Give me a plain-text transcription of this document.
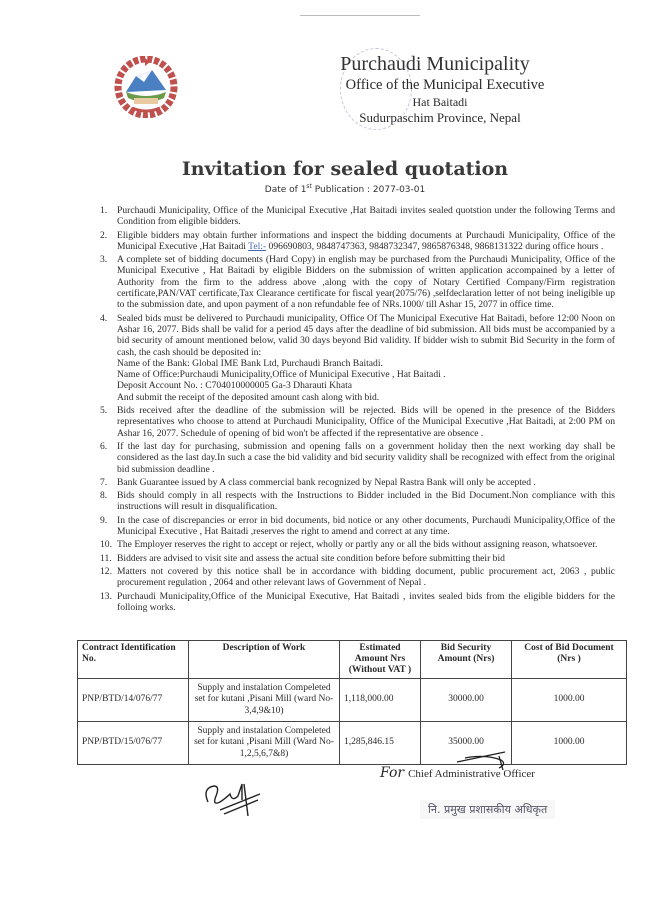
Purchaudi Municipality
Office of the Municipal Executive
Hat Baitadi
Sudurpaschim Province, Nepal
Invitation for sealed quotation
Date of 1st Publication : 2077-03-01
1.	Purchaudi Municipality, Office of the Municipal Executive ,Hat Baitadi invites sealed quotstion under the following Terms and Condition from eligible bidders.
2.	Eligible bidders may obtain further informations and inspect the bidding documents at Purchaudi Municipality, Office of the Municipal Executive ,Hat Baitadi Tel:- 096690803, 9848747363, 9848732347, 9865876348, 9868131322 during office hours .
3.	A complete set of bidding documents (Hard Copy) in english may be purchased from the Purchaudi Municipality, Office of the Municipal Executive , Hat Baitadi by eligible Bidders on the submission of written application accompained by a letter of Authority from the firm to the address above ,along with the copy of Notary Certified Company/Firm registration certificate,PAN/VAT certificate,Tax Clearance certificate for fiscal year(2075/76) ,selfdeclaration letter of not being ineligible up to the submission date, and upon payment of a non refundable fee of NRs.1000/ till Ashar 15, 2077 in office time.
4.	Sealed bids must be delivered to Purchaudi municipality, Office Of The Municipal Executive Hat Baitadi, before 12:00 Noon on Ashar 16, 2077. Bids shall be valid for a period 45 days after the deadline of bid submission. All bids must be accompanied by a bid security of amount mentioned below, valid 30 days beyond Bid validity. If bidder wish to submit Bid Security in the form of cash, the cash should be deposited in:
Name of the Bank: Global IME Bank Ltd, Purchaudi Branch Baitadi.
Name of Office:Purchaudi Municipality,Office of Municipal Executive , Hat Baitadi .
Deposit Account No. : C704010000005 Ga-3 Dharauti Khata
And submit the receipt of the deposited amount cash along with bid.
5.	Bids received after the deadline of the submission will be rejected. Bids will be opened in the presence of the Bidders representatives who choose to attend at Purchaudi Municipality, Office of the Municipal Executive ,Hat Baitadi, at 2:00 PM on Ashar 16, 2077. Schedule of opening of bid won't be affected if the representative are obsence .
6.	If the last day for purchasing, submission and opening falls on a government holiday then the next working day shall be considered as the last day.In such a case the bid validity and bid security validity shall be recognized with effect from the original bid submission deadline .
7.	Bank Guarantee issued by A class commercial bank recognized by Nepal Rastra Bank will only be accepted .
8.	Bids should comply in all respects with the Instructions to Bidder included in the Bid Document.Non compliance with this instructions will result in disqualification.
9.	In the case of discrepancies or error in bid documents, bid notice or any other documents, Purchaudi Municipality,Office of the Municipal Executive , Hat Baitadi ,reserves the right to amend and correct at any time.
10. The Employer reserves the right to accept or reject, wholly or partly any or all the bids without assigning reason, whatsoever.
11. Bidders are advised to visit site and assess the actual site condition before before submitting their bid
12. Matters not covered by this notice shall be in accordance with bidding document, public procurement act, 2063 , public procurement regulation , 2064 and other relevant laws of Government of Nepal .
13. Purchaudi Municipality,Office of the Municipal Executive, Hat Baitadi , invites sealed bids from the eligible bidders for the folloing works.
Contract Identification No.	Description of Work	Estimated Amount Nrs (Without VAT )	Bid Security Amount (Nrs)	Cost of Bid Document (Nrs )
PNP/BTD/14/076/77	Supply and instalation Compeleted set for kutani ,Pisani Mill (ward No- 3,4,9&10)	1,118,000.00	30000.00	1000.00
PNP/BTD/15/076/77	Supply and instalation Compeleted set for kutani ,Pisani Mill (Ward No- 1,2,5,6,7&8)	1,285,846.15	35000.00	1000.00
For Chief Administrative Officer
नि. प्रमुख प्रशासकीय अधिकृत
